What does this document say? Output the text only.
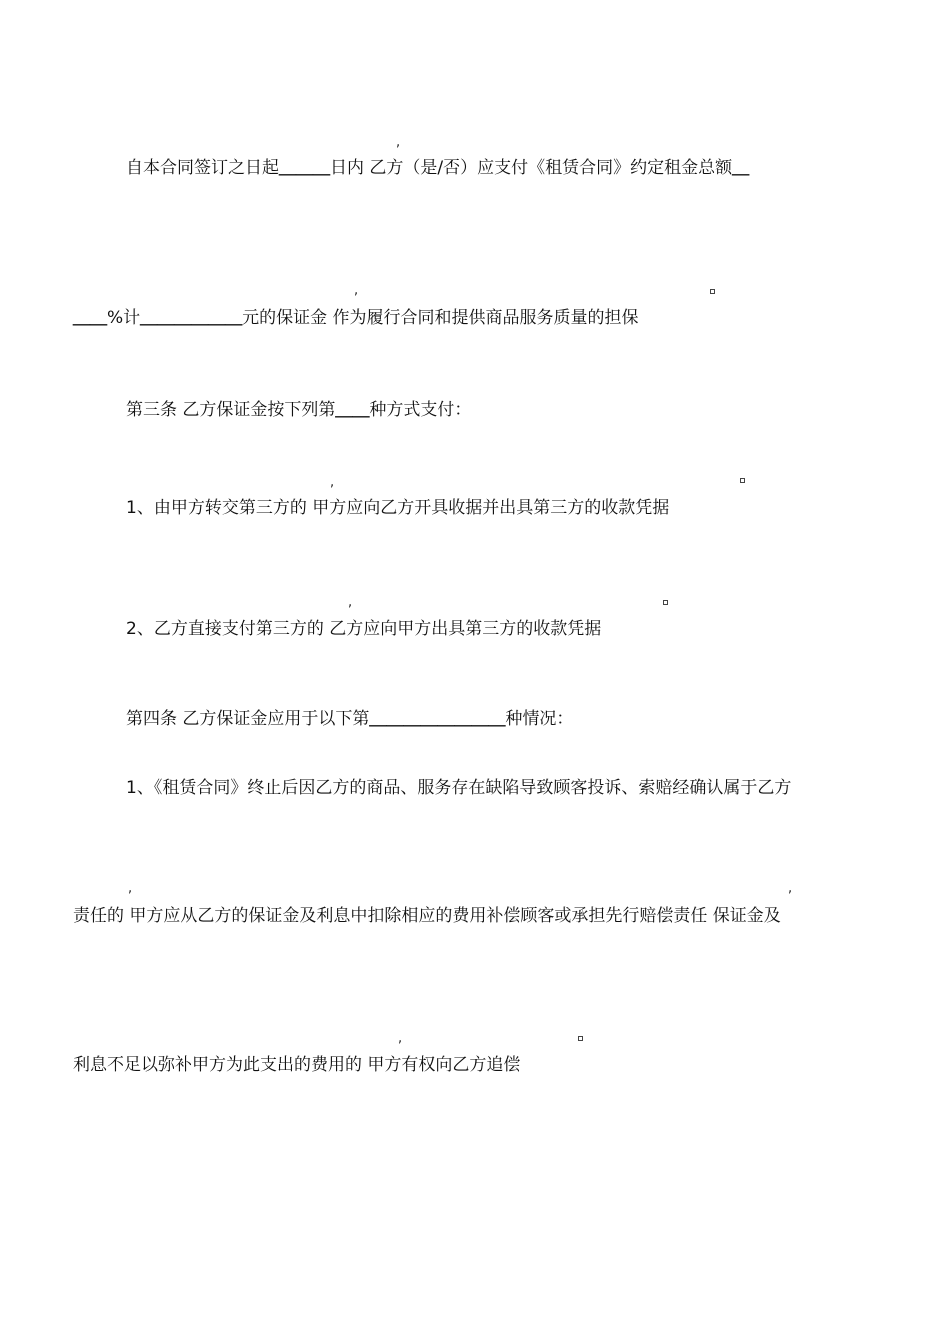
,
自本合同签订之日起＿＿＿日内 乙方（是/否）应支付《租赁合同》约定租金总额＿
,
＿＿%计＿＿＿＿＿＿元的保证金 作为履行合同和提供商品服务质量的担保
第三条 乙方保证金按下列第＿＿种方式支付：
,
1、由甲方转交第三方的 甲方应向乙方开具收据并出具第三方的收款凭据
,
2、乙方直接支付第三方的 乙方应向甲方出具第三方的收款凭据
第四条 乙方保证金应用于以下第＿＿＿＿＿＿＿＿种情况：
1、《租赁合同》终止后因乙方的商品、服务存在缺陷导致顾客投诉、索赔经确认属于乙方
,	,
责任的 甲方应从乙方的保证金及利息中扣除相应的费用补偿顾客或承担先行赔偿责任 保证金及
,
利息不足以弥补甲方为此支出的费用的 甲方有权向乙方追偿
